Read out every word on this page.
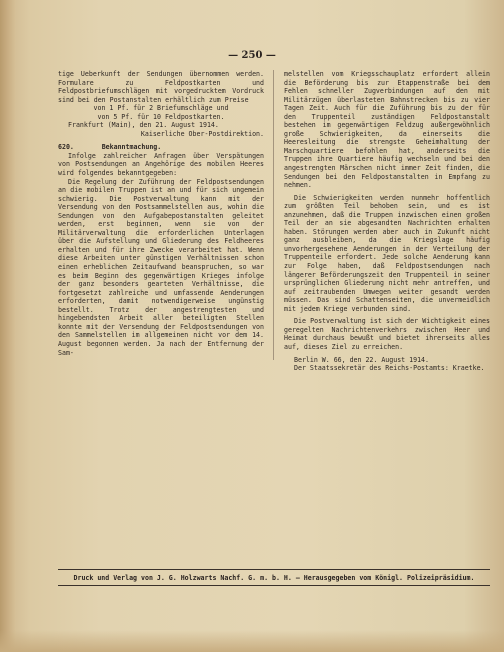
— 250 —

tige Ueberkunft der Sendungen übernommen werden. Formulare zu Feldpostkarten und Feldpostbriefumschlägen mit vorgedrucktem Vordruck sind bei den Postanstalten erhältlich zum Preise

von 1 Pf. für 2 Briefumschläge und

von 5 Pf. für 10 Feldpostkarten.

Frankfurt (Main), den 21. August 1914.

Kaiserliche Ober-Postdirektion.

620.	Bekanntmachung.

Infolge zahlreicher Anfragen über Verspätungen von Postsendungen an Angehörige des mobilen Heeres wird folgendes bekanntgegeben:

Die Regelung der Zuführung der Feldpostsendungen an die mobilen Truppen ist an und für sich ungemein schwierig. Die Postverwaltung kann mit der Versendung von den Postsammelstellen aus, wohin die Sendungen von den Aufgabepostanstalten geleitet werden, erst beginnen, wenn sie von der Militärverwaltung die erforderlichen Unterlagen über die Aufstellung und Gliederung des Feldheeres erhalten und für ihre Zwecke verarbeitet hat. Wenn diese Arbeiten unter günstigen Verhältnissen schon einen erheblichen Zeitaufwand beanspruchen, so war es beim Beginn des gegenwärtigen Krieges infolge der ganz besonders gearteten Verhältnisse, die fortgesetzt zahlreiche und umfassende Aenderungen erforderten, damit notwendigerweise ungünstig bestellt. Trotz der angestrengtesten und hingebendsten Arbeit aller beteiligten Stellen konnte mit der Versendung der Feldpostsendungen von den Sammelstellen im allgemeinen nicht vor dem 14. August begonnen werden. Ja nach der Entfernung der Sam-

melstellen vom Kriegsschauplatz erfordert allein die Beförderung bis zur Etappenstraße bei dem Fehlen schneller Zugverbindungen auf den mit Militärzügen überlasteten Bahnstrecken bis zu vier Tagen Zeit. Auch für die Zuführung bis zu der für den Truppenteil zuständigen Feldpostanstalt bestehen im gegenwärtigen Feldzug außergewöhnlich große Schwierigkeiten, da einerseits die Heeresleitung die strengste Geheimhaltung der Marschquartiere befohlen hat, anderseits die Truppen ihre Quartiere häufig wechseln und bei den angestrengten Märschen nicht immer Zeit finden, die Sendungen bei den Feldpostanstalten in Empfang zu nehmen.

Die Schwierigkeiten werden nunmehr hoffentlich zum größten Teil behoben sein, und es ist anzunehmen, daß die Truppen inzwischen einen großen Teil der an sie abgesandten Nachrichten erhalten haben. Störungen werden aber auch in Zukunft nicht ganz ausbleiben, da die Kriegslage häufig unvorhergesehene Aenderungen in der Verteilung der Truppenteile erfordert. Jede solche Aenderung kann zur Folge haben, daß Feldpostsendungen nach längerer Beförderungszeit den Truppenteil in seiner ursprünglichen Gliederung nicht mehr antreffen, und auf zeitraubenden Umwegen weiter gesandt werden müssen. Das sind Schattenseiten, die unvermeidlich mit jedem Kriege verbunden sind.

Die Postverwaltung ist sich der Wichtigkeit eines geregelten Nachrichtenverkehrs zwischen Heer und Heimat durchaus bewußt und bietet ihrerseits alles auf, dieses Ziel zu erreichen.

Berlin W. 66, den 22. August 1914.

Der Staatssekretär des Reichs-Postamts: Kraetke.

Druck und Verlag von J. G. Holzwarts Nachf. G. m. b. H. — Herausgegeben vom Königl. Polizeipräsidium.
